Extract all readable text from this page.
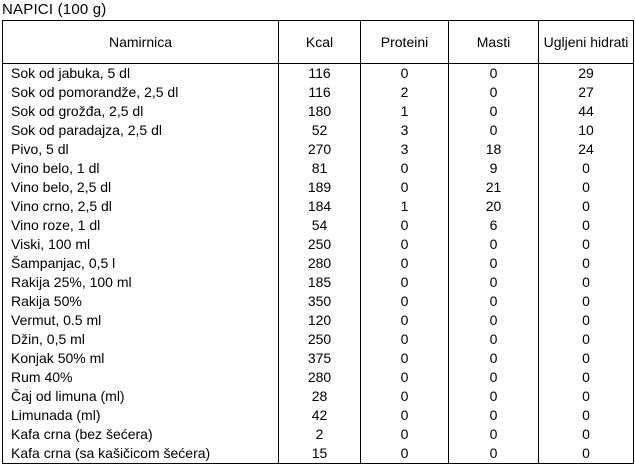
NAPICI (100 g)
Namirnica	Kcal	Proteini	Masti	Ugljeni hidrati
Sok od jabuka, 5 dl	116	0	0	29
Sok od pomorandže, 2,5 dl	116	2	0	27
Sok od grožđa, 2,5 dl	180	1	0	44
Sok od paradajza, 2,5 dl	52	3	0	10
Pivo, 5 dl	270	3	18	24
Vino belo, 1 dl	81	0	9	0
Vino belo, 2,5 dl	189	0	21	0
Vino crno, 2,5 dl	184	1	20	0
Vino roze, 1 dl	54	0	6	0
Viski, 100 ml	250	0	0	0
Šampanjac, 0,5 l	280	0	0	0
Rakija 25%, 100 ml	185	0	0	0
Rakija 50%	350	0	0	0
Vermut, 0.5 ml	120	0	0	0
Džin, 0,5 ml	250	0	0	0
Konjak 50% ml	375	0	0	0
Rum 40%	280	0	0	0
Čaj od limuna (ml)	28	0	0	0
Limunada (ml)	42	0	0	0
Kafa crna (bez šećera)	2	0	0	0
Kafa crna (sa kašičicom šećera)	15	0	0	0
